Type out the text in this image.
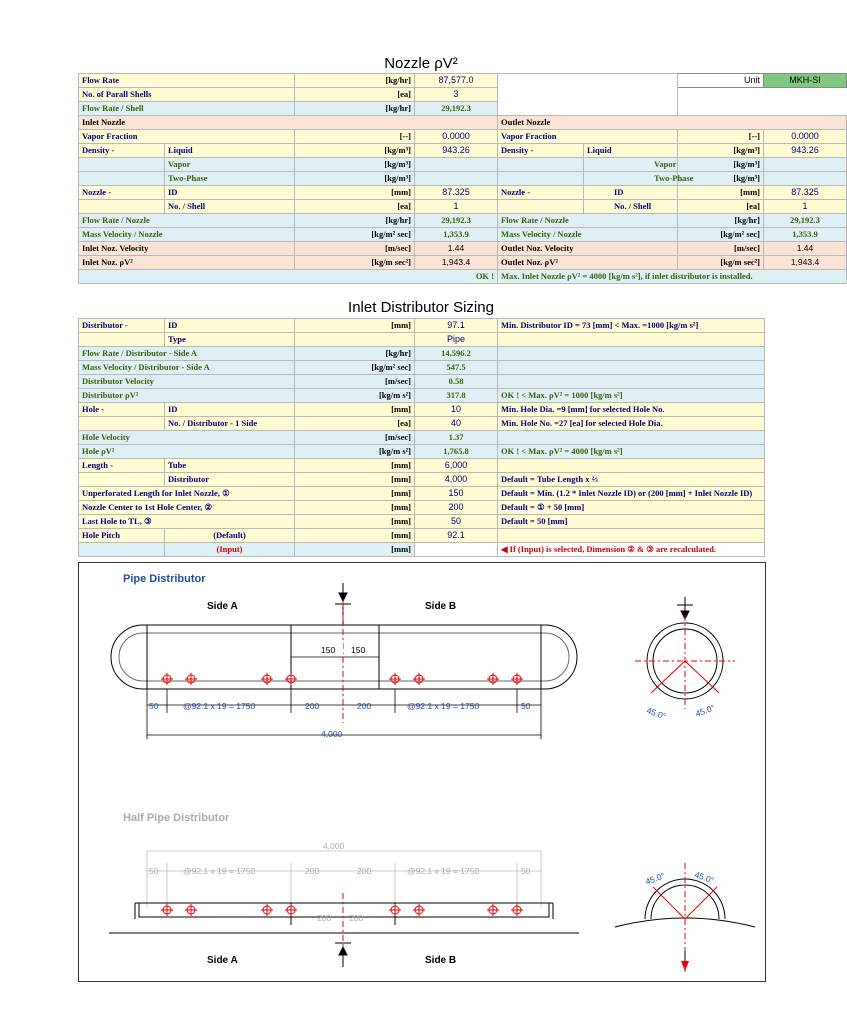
Nozzle ρV²
Flow Rate		[kg/hr]	87,577.0			Unit	MKH-SI
No. of Parall Shells		[ea]	3				
Flow Rate / Shell		[kg/hr]	29,192.3				
Inlet Nozzle				Outlet Nozzle			
Vapor Fraction		[--]	0.0000	Vapor Fraction		[--]	0.0000
Density -	Liquid	[kg/m³]	943.26	Density -	Liquid	[kg/m³]	943.26
	Vapor	[kg/m³]			Vapor	[kg/m³]	
	Two-Phase	[kg/m³]			Two-Phase	[kg/m³]	
Nozzle -	ID	[mm]	87.325	Nozzle -	ID	[mm]	87.325
	No. / Shell	[ea]	1		No. / Shell	[ea]	1
Flow Rate / Nozzle		[kg/hr]	29,192.3	Flow Rate / Nozzle		[kg/hr]	29,192.3
Mass Velocity / Nozzle		[kg/m² sec]	1,353.9	Mass Velocity / Nozzle		[kg/m² sec]	1,353.9
Inlet Noz. Velocity		[m/sec]	1.44	Outlet Noz. Velocity		[m/sec]	1.44
Inlet Noz. ρV²		[kg/m sec²]	1,943.4	Outlet Noz. ρV²		[kg/m sec²]	1,943.4
OK !				Max. Inlet Nozzle ρV² = 4000 [kg/m s²], if inlet distributor is installed.			
Inlet Distributor Sizing
Distributor -	ID	[mm]	97.1	Min. Distributor ID = 73 [mm] < Max. =1000 [kg/m s²]
	Type		Pipe	
Flow Rate / Distributor - Side A		[kg/hr]	14,596.2	
Mass Velocity / Distributor - Side A		[kg/m² sec]	547.5	
Distributor Velocity		[m/sec]	0.58	
Distributor ρV²		[kg/m s²]	317.8	OK ! < Max. ρV² = 1000 [kg/m s²]
Hole -	ID	[mm]	10	Min. Hole Dia. =9 [mm] for selected Hole No.
	No. / Distributor - 1 Side	[ea]	40	Min. Hole No. =27 [ea] for selected Hole Dia.
Hole Velocity		[m/sec]	1.37	
Hole ρV²		[kg/m s²]	1,765.8	OK ! < Max. ρV² = 4000 [kg/m s²]
Length -	Tube	[mm]	6,000	
	Distributor	[mm]	4,000	Default = Tube Length x ⅔
Unperforated Length for Inlet Nozzle, ①		[mm]	150	Default = Min. (1.2 * Inlet Nozzle ID) or (200 [mm] + Inlet Nozzle ID)
Nozzle Center to 1st Hole Center, ②		[mm]	200	Default = ① + 50 [mm]
Last Hole to TL, ③		[mm]	50	Default = 50 [mm]
Hole Pitch	(Default)	[mm]	92.1	
	(Input)	[mm]		◀ If (Input) is selected, Dimension ② & ③ are recalculated.
Pipe Distributor
Side A	Side B
150 150
50	@92.1 x 19 = 1750	200	200	@92.1 x 19 = 1750	50
4,000
45.0°	45.0°
Half Pipe Distributor
4,000
50	@92.1 x 19 = 1750	200	200	@92.1 x 19 = 1750	50
200 200
Side A	Side B
45.0°	45.0°
